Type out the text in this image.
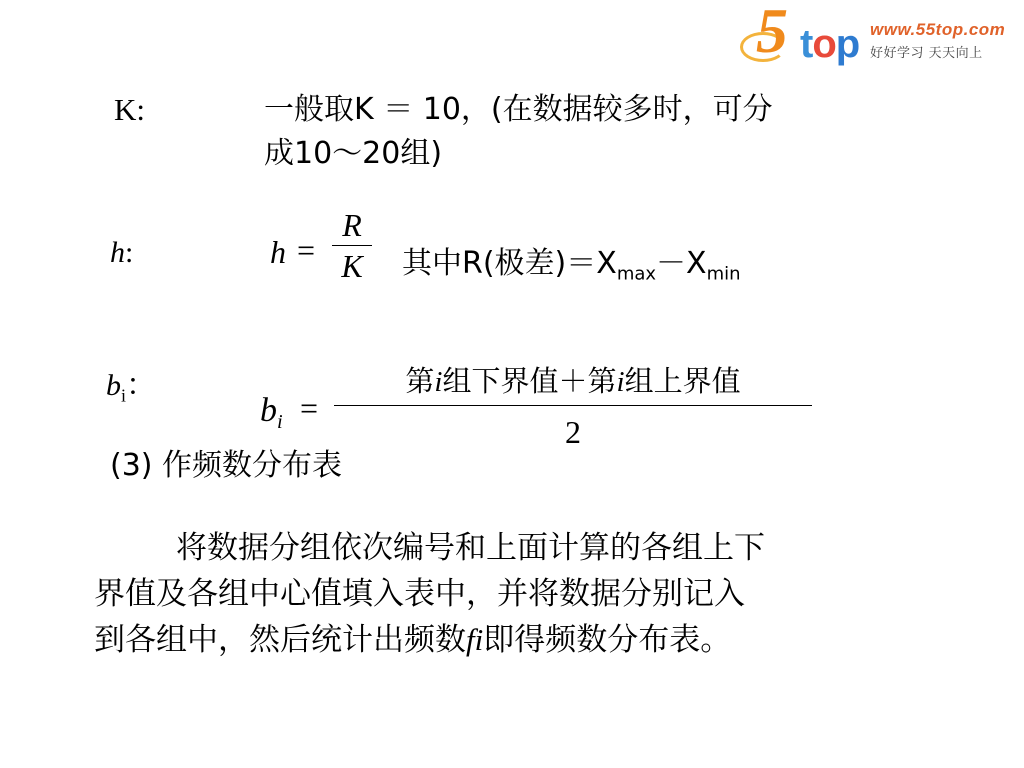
5 top www.55top.com
好好学习 天天向上
K:	一般取K ＝ 10，(在数据较多时，可分
成10～20组)
h:	h =
R
K	其中R(极差)$=X_{max}-X_{min}$
$b_i$：
$b_i$ =
第i组下界值＋第i组上界值
2
(3) 作频数分布表
将数据分组依次编号和上面计算的各组上下
界值及各组中心值填入表中，并将数据分别记入
到各组中，然后统计出频数fi即得频数分布表。
